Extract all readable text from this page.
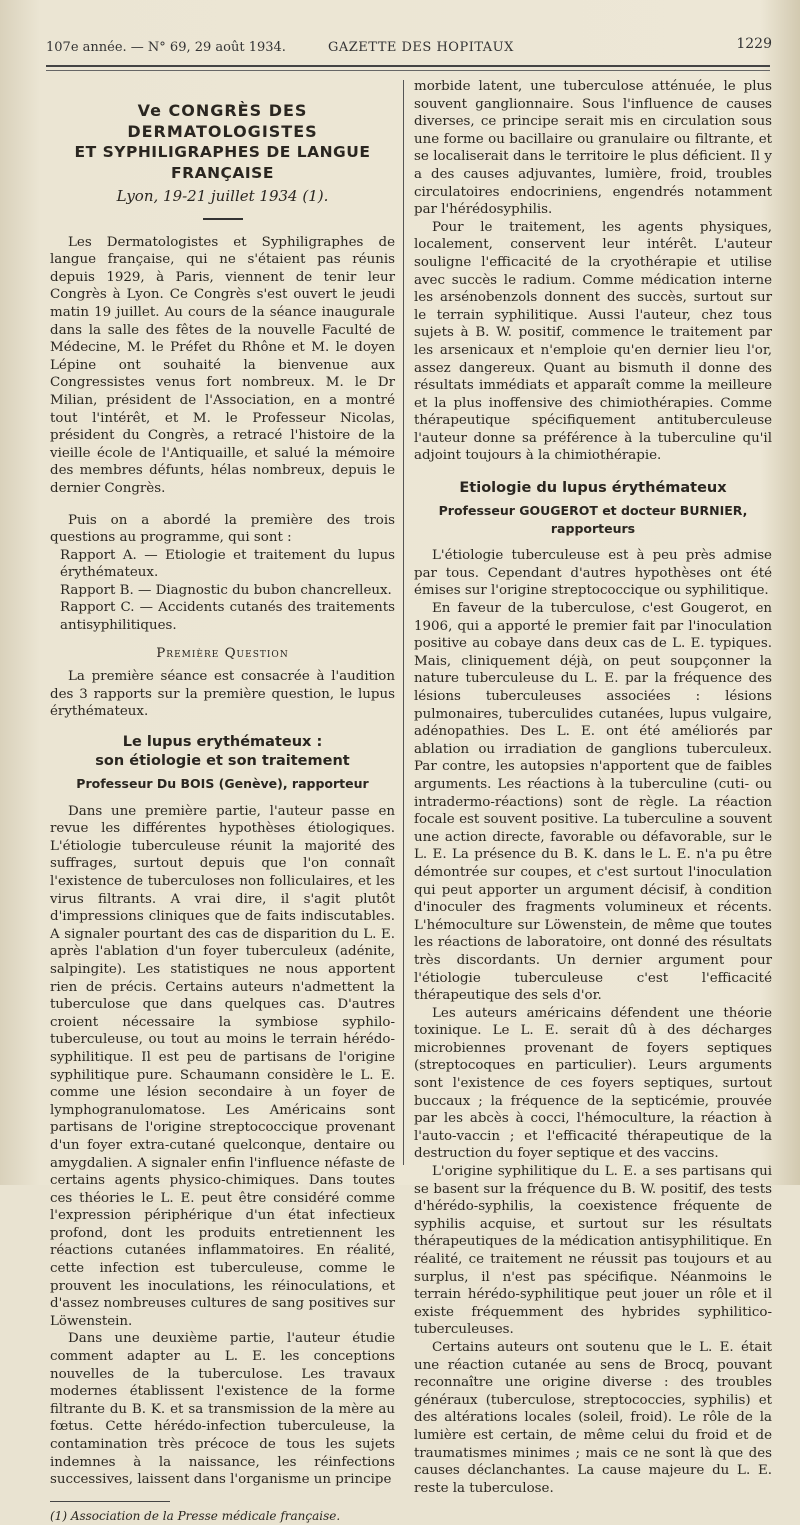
107e année. — N° 69, 29 août 1934.	GAZETTE DES HOPITAUX	1229
Ve CONGRÈS DES DERMATOLOGISTES
ET SYPHILIGRAPHES DE LANGUE FRANÇAISE
Lyon, 19-21 juillet 1934 (1).

Les Dermatologistes et Syphiligraphes de langue française, qui ne s'étaient pas réunis depuis 1929, à Paris, viennent de tenir leur Congrès à Lyon. Ce Congrès s'est ouvert le jeudi matin 19 juillet. Au cours de la séance inaugurale dans la salle des fêtes de la nouvelle Faculté de Médecine, M. le Préfet du Rhône et M. le doyen Lépine ont souhaité la bienvenue aux Congressistes venus fort nombreux. M. le Dr Milian, président de l'Association, en a montré tout l'intérêt, et M. le Professeur Nicolas, président du Congrès, a retracé l'histoire de la vieille école de l'Antiquaille, et salué la mémoire des membres défunts, hélas nombreux, depuis le dernier Congrès.

Puis on a abordé la première des trois questions au programme, qui sont :

Rapport A. — Etiologie et traitement du lupus érythémateux.

Rapport B. — Diagnostic du bubon chancrelleux.

Rapport C. — Accidents cutanés des traitements antisyphilitiques.

Première Question

La première séance est consacrée à l'audition des 3 rapports sur la première question, le lupus érythémateux.

Le lupus erythémateux :
son étiologie et son traitement
Professeur Du BOIS (Genève), rapporteur

Dans une première partie, l'auteur passe en revue les différentes hypothèses étiologiques. L'étiologie tuberculeuse réunit la majorité des suffrages, surtout depuis que l'on connaît l'existence de tuberculoses non folliculaires, et les virus filtrants. A vrai dire, il s'agit plutôt d'impressions cliniques que de faits indiscutables. A signaler pourtant des cas de disparition du L. E. après l'ablation d'un foyer tuberculeux (adénite, salpingite). Les statistiques ne nous apportent rien de précis. Certains auteurs n'admettent la tuberculose que dans quelques cas. D'autres croient nécessaire la symbiose syphilo-tuberculeuse, ou tout au moins le terrain hérédo-syphilitique. Il est peu de partisans de l'origine syphilitique pure. Schaumann considère le L. E. comme une lésion secondaire à un foyer de lymphogranulomatose. Les Américains sont partisans de l'origine streptococcique provenant d'un foyer extra-cutané quelconque, dentaire ou amygdalien. A signaler enfin l'influence néfaste de certains agents physico-chimiques. Dans toutes ces théories le L. E. peut être considéré comme l'expression périphérique d'un état infectieux profond, dont les produits entretiennent les réactions cutanées inflammatoires. En réalité, cette infection est tuberculeuse, comme le prouvent les inoculations, les réinoculations, et d'assez nombreuses cultures de sang positives sur Löwenstein.

Dans une deuxième partie, l'auteur étudie comment adapter au L. E. les conceptions nouvelles de la tuberculose. Les travaux modernes établissent l'existence de la forme filtrante du B. K. et sa transmission de la mère au fœtus. Cette hérédo-infection tuberculeuse, la contamination très précoce de tous les sujets indemnes à la naissance, les réinfections successives, laissent dans l'organisme un principe

(1) Association de la Presse médicale française.

morbide latent, une tuberculose atténuée, le plus souvent ganglionnaire. Sous l'influence de causes diverses, ce principe serait mis en circulation sous une forme ou bacillaire ou granulaire ou filtrante, et se localiserait dans le territoire le plus déficient. Il y a des causes adjuvantes, lumière, froid, troubles circulatoires endocriniens, engendrés notamment par l'hérédosyphilis.

Pour le traitement, les agents physiques, localement, conservent leur intérêt. L'auteur souligne l'efficacité de la cryothérapie et utilise avec succès le radium. Comme médication interne les arsénobenzols donnent des succès, surtout sur le terrain syphilitique. Aussi l'auteur, chez tous sujets à B. W. positif, commence le traitement par les arsenicaux et n'emploie qu'en dernier lieu l'or, assez dangereux. Quant au bismuth il donne des résultats immédiats et apparaît comme la meilleure et la plus inoffensive des chimiothérapies. Comme thérapeutique spécifiquement antituberculeuse l'auteur donne sa préférence à la tuberculine qu'il adjoint toujours à la chimiothérapie.

Etiologie du lupus érythémateux
Professeur GOUGEROT et docteur BURNIER, rapporteurs

L'étiologie tuberculeuse est à peu près admise par tous. Cependant d'autres hypothèses ont été émises sur l'origine streptococcique ou syphilitique.

En faveur de la tuberculose, c'est Gougerot, en 1906, qui a apporté le premier fait par l'inoculation positive au cobaye dans deux cas de L. E. typiques. Mais, cliniquement déjà, on peut soupçonner la nature tuberculeuse du L. E. par la fréquence des lésions tuberculeuses associées : lésions pulmonaires, tuberculides cutanées, lupus vulgaire, adénopathies. Des L. E. ont été améliorés par ablation ou irradiation de ganglions tuberculeux. Par contre, les autopsies n'apportent que de faibles arguments. Les réactions à la tuberculine (cuti- ou intradermo-réactions) sont de règle. La réaction focale est souvent positive. La tuberculine a souvent une action directe, favorable ou défavorable, sur le L. E. La présence du B. K. dans le L. E. n'a pu être démontrée sur coupes, et c'est surtout l'inoculation qui peut apporter un argument décisif, à condition d'inoculer des fragments volumineux et récents. L'hémoculture sur Löwenstein, de même que toutes les réactions de laboratoire, ont donné des résultats très discordants. Un dernier argument pour l'étiologie tuberculeuse c'est l'efficacité thérapeutique des sels d'or.

Les auteurs américains défendent une théorie toxinique. Le L. E. serait dû à des décharges microbiennes provenant de foyers septiques (streptocoques en particulier). Leurs arguments sont l'existence de ces foyers septiques, surtout buccaux ; la fréquence de la septicémie, prouvée par les abcès à cocci, l'hémoculture, la réaction à l'auto-vaccin ; et l'efficacité thérapeutique de la destruction du foyer septique et des vaccins.

L'origine syphilitique du L. E. a ses partisans qui se basent sur la fréquence du B. W. positif, des tests d'hérédo-syphilis, la coexistence fréquente de syphilis acquise, et surtout sur les résultats thérapeutiques de la médication antisyphilitique. En réalité, ce traitement ne réussit pas toujours et au surplus, il n'est pas spécifique. Néanmoins le terrain hérédo-syphilitique peut jouer un rôle et il existe fréquemment des hybrides syphilitico-tuberculeuses.

Certains auteurs ont soutenu que le L. E. était une réaction cutanée au sens de Brocq, pouvant reconnaître une origine diverse : des troubles généraux (tuberculose, streptococcies, syphilis) et des altérations locales (soleil, froid). Le rôle de la lumière est certain, de même celui du froid et de traumatismes minimes ; mais ce ne sont là que des causes déclanchantes. La cause majeure du L. E. reste la tuberculose.
